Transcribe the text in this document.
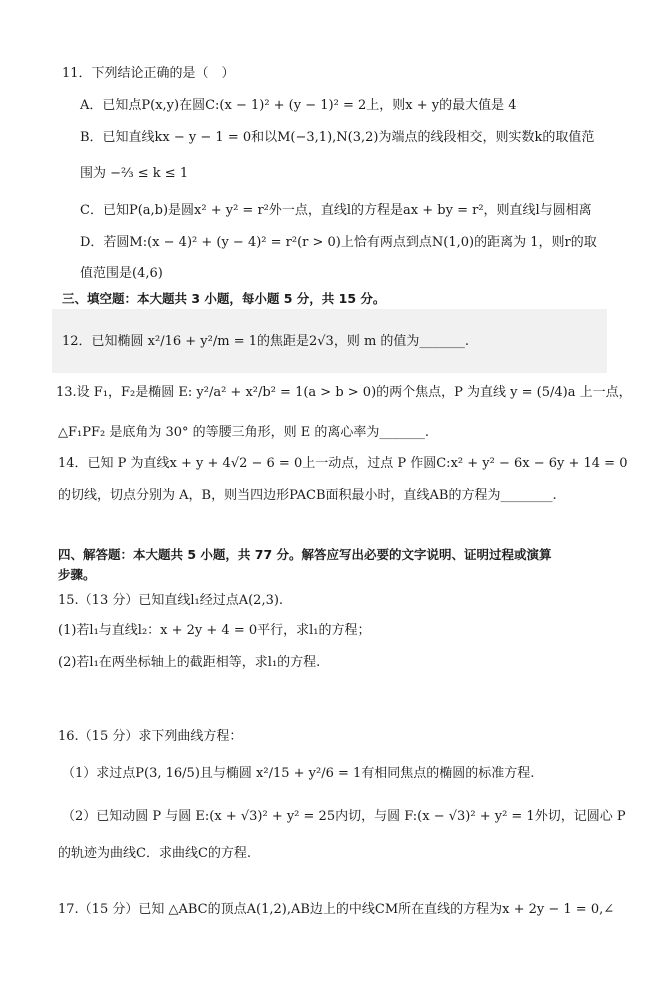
11．下列结论正确的是（　）
A．已知点P(x,y)在圆C:(x − 1)² + (y − 1)² = 2上，则x + y的最大值是 4
B．已知直线kx − y − 1 = 0和以M(−3,1),N(3,2)为端点的线段相交，则实数k的取值范
围为 −⅔ ≤ k ≤ 1
C．已知P(a,b)是圆x² + y² = r²外一点，直线l的方程是ax + by = r²，则直线l与圆相离
D．若圆M:(x − 4)² + (y − 4)² = r²(r > 0)上恰有两点到点N(1,0)的距离为 1，则r的取
值范围是(4,6)
三、填空题：本大题共 3 小题，每小题 5 分，共 15 分。
12．已知椭圆 x²/16 + y²/m = 1的焦距是2√3，则 m 的值为_______.
13.设 F₁，F₂是椭圆 E: y²/a² + x²/b² = 1(a > b > 0)的两个焦点，P 为直线 y = (5/4)a 上一点，
△F₁PF₂ 是底角为 30° 的等腰三角形，则 E 的离心率为_______.
14．已知 P 为直线x + y + 4√2 − 6 = 0上一动点，过点 P 作圆C:x² + y² − 6x − 6y + 14 = 0
的切线，切点分别为 A，B，则当四边形PACB面积最小时，直线AB的方程为________.
四、解答题：本大题共 5 小题，共 77 分。解答应写出必要的文字说明、证明过程或演算
步骤。
15.（13 分）已知直线l₁经过点A(2,3).
(1)若l₁与直线l₂：x + 2y + 4 = 0平行，求l₁的方程；
(2)若l₁在两坐标轴上的截距相等，求l₁的方程.
16.（15 分）求下列曲线方程：
（1）求过点P(3, 16/5)且与椭圆 x²/15 + y²/6 = 1有相同焦点的椭圆的标准方程.
（2）已知动圆 P 与圆 E:(x + √3)² + y² = 25内切，与圆 F:(x − √3)² + y² = 1外切，记圆心 P
的轨迹为曲线C．求曲线C的方程.
17.（15 分）已知 △ABC的顶点A(1,2),AB边上的中线CM所在直线的方程为x + 2y − 1 = 0,∠
